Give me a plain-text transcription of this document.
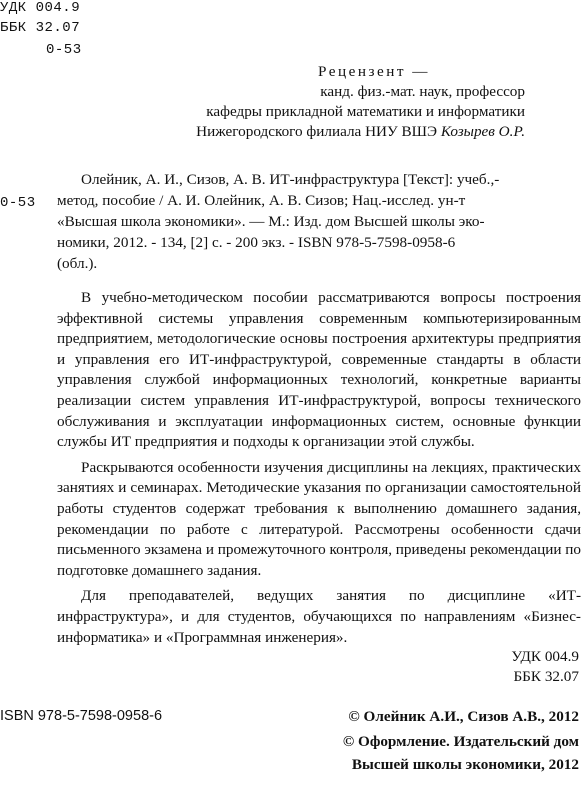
УДК 004.9
ББК 32.07
0-53
Рецензент —
канд. физ.-мат. наук, профессор
кафедры прикладной математики и информатики
Нижегородского филиала НИУ ВШЭ Козырев О.Р.
0-53

Олейник, А. И., Сизов, А. В. ИТ-инфраструктура [Текст]: учеб.,-

метод, пособие / А. И. Олейник, А. В. Сизов; Нац.-исслед. ун-т

«Высшая школа экономики». — М.: Изд. дом Высшей школы эко-

номики, 2012. - 134, [2] с. - 200 экз. - ISBN 978-5-7598-0958-6

(обл.).

В учебно-методическом пособии рассматриваются вопросы построения эффективной системы управления современным компьютеризированным предприятием, методологические основы построения архитектуры предприятия и управления его ИТ-инфраструктурой, современные стандарты в области управления службой информационных технологий, конкретные варианты реализации систем управления ИТ-инфраструктурой, вопросы технического обслуживания и эксплуатации информационных систем, основные функции службы ИТ предприятия и подходы к организации этой службы.

Раскрываются особенности изучения дисциплины на лекциях, практических занятиях и семинарах. Методические указания по организации самостоятельной работы студентов содержат требования к выполнению домашнего задания, рекомендации по работе с литературой. Рассмотрены особенности сдачи письменного экзамена и промежуточного контроля, приведены рекомендации по подготовке домашнего задания.

Для преподавателей, ведущих занятия по дисциплине «ИТ-инфраструктура», и для студентов, обучающихся по направлениям «Бизнес-информатика» и «Программная инженерия».

УДК 004.9
ББК 32.07
ISBN 978-5-7598-0958-6	© Олейник А.И., Сизов А.В., 2012
© Оформление. Издательский дом
Высшей школы экономики, 2012
